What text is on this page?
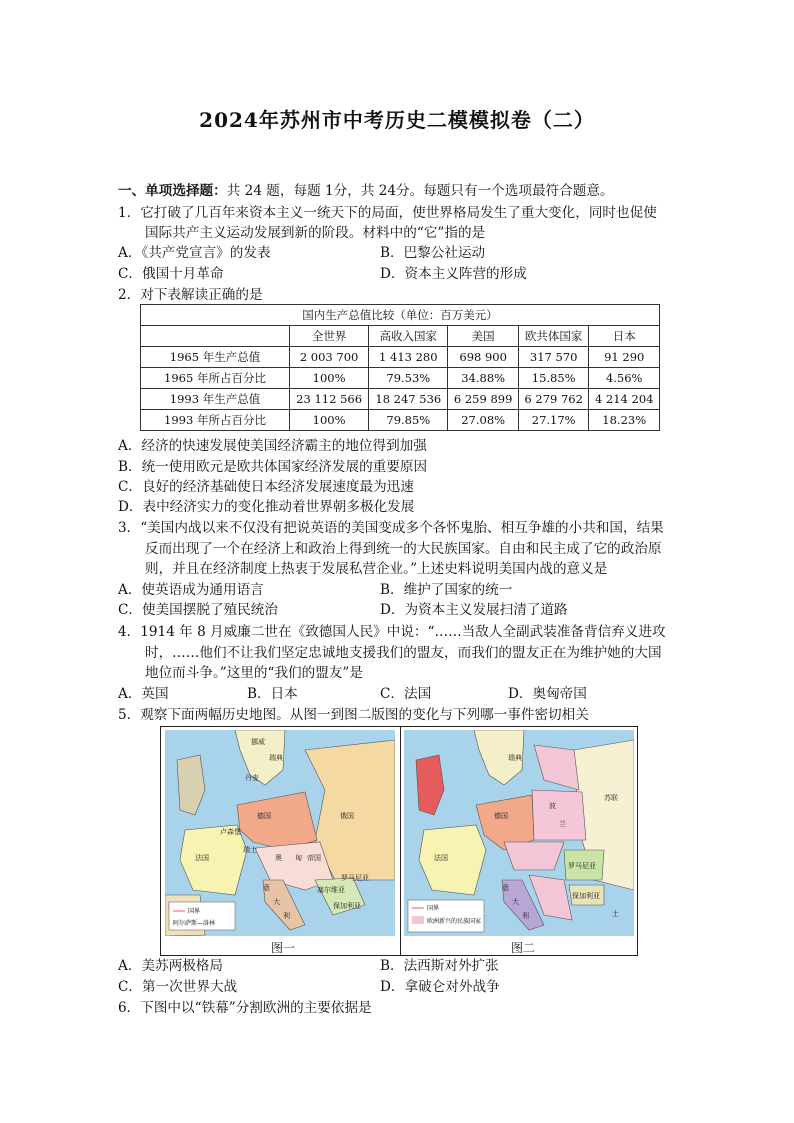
2024年苏州市中考历史二模模拟卷（二）
一、单项选择题：共 24 题，每题 1分，共 24分。每题只有一个选项最符合题意。
1．它打破了几百年来资本主义一统天下的局面，使世界格局发生了重大变化，同时也促使
国际共产主义运动发展到新的阶段。材料中的“它”指的是
A．《共产党宣言》的发表	B．巴黎公社运动
C．俄国十月革命	D．资本主义阵营的形成
2．对下表解读正确的是
国内生产总值比较（单位：百万美元）					
	全世界	高收入国家	美国	欧共体国家	日本
1965 年生产总值	2 003 700	1 413 280	698 900	317 570	91 290
1965 年所占百分比	100%	79.53%	34.88%	15.85%	4.56%
1993 年生产总值	23 112 566	18 247 536	6 259 899	6 279 762	4 214 204
1993 年所占百分比	100%	79.85%	27.08%	27.17%	18.23%
A．经济的快速发展使美国经济霸主的地位得到加强
B．统一使用欧元是欧共体国家经济发展的重要原因
C．良好的经济基础使日本经济发展速度最为迅速
D．表中经济实力的变化推动着世界朝多极化发展
3．“美国内战以来不仅没有把说英语的美国变成多个各怀鬼胎、相互争雄的小共和国，结果
反而出现了一个在经济上和政治上得到统一的大民族国家。自由和民主成了它的政治原
则，并且在经济制度上热衷于发展私营企业。”上述史料说明美国内战的意义是
A．使英语成为通用语言	B．维护了国家的统一
C．使美国摆脱了殖民统治	D．为资本主义发展扫清了道路
4．1914 年 8 月威廉二世在《致德国人民》中说：“……当敌人全副武装准备背信弃义进攻
时，……他们不让我们坚定忠诚地支援我们的盟友，而我们的盟友正在为维护她的大国
地位而斗争。”这里的“我们的盟友”是
A．英国	B．日本	C．法国	D．奥匈帝国
5．观察下面两幅历史地图。从图一到图二版图的变化与下列哪一事件密切相关
挪威
瑞典
丹麦
德国	俄国
法国
卢森堡
瑞士
奥 匈 帝国
意
大
利
塞尔维亚
保加利亚
罗马尼亚
国界
阿尔萨斯—洛林
图一
瑞典
德国
波
兰
苏联
法国
罗马尼亚
保加利亚
意
大
利	土
国界
欧洲新兴的民族国家
图二
A．美苏两极格局	B．法西斯对外扩张
C．第一次世界大战	D．拿破仑对外战争
6．下图中以“铁幕”分割欧洲的主要依据是
